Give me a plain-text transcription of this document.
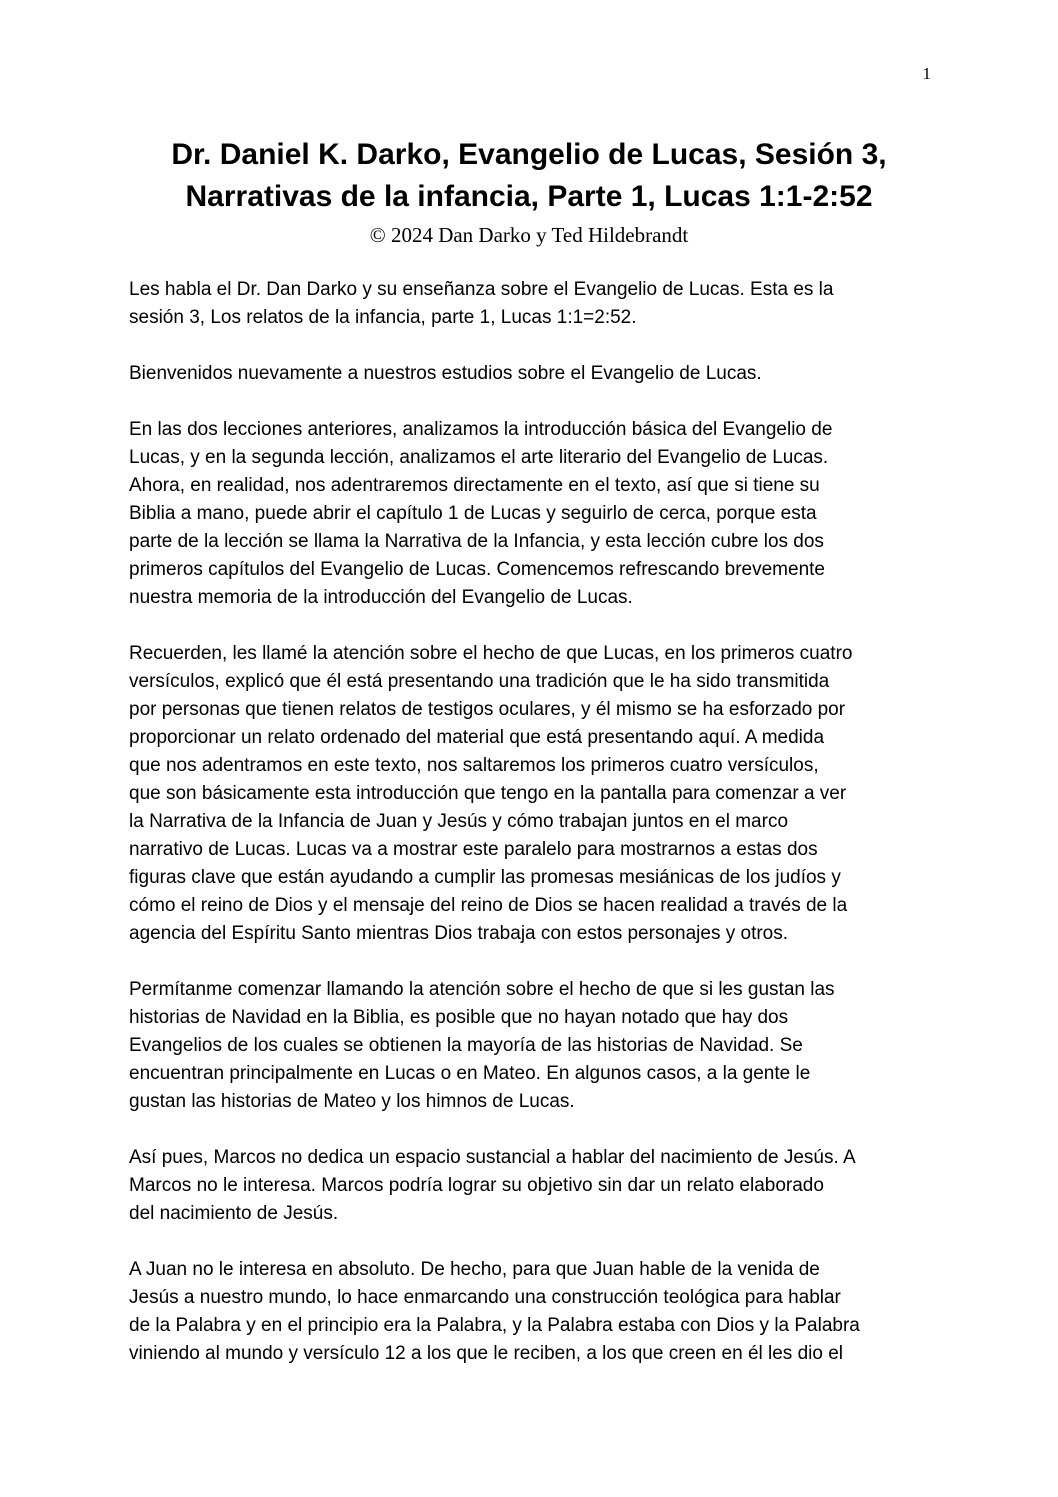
1
Dr. Daniel K. Darko, Evangelio de Lucas, Sesión 3,
Narrativas de la infancia, Parte 1, Lucas 1:1-2:52
© 2024 Dan Darko y Ted Hildebrandt

Les habla el Dr. Dan Darko y su enseñanza sobre el Evangelio de Lucas. Esta es la
sesión 3, Los relatos de la infancia, parte 1, Lucas 1:1=2:52.

Bienvenidos nuevamente a nuestros estudios sobre el Evangelio de Lucas.

En las dos lecciones anteriores, analizamos la introducción básica del Evangelio de
Lucas, y en la segunda lección, analizamos el arte literario del Evangelio de Lucas.
Ahora, en realidad, nos adentraremos directamente en el texto, así que si tiene su
Biblia a mano, puede abrir el capítulo 1 de Lucas y seguirlo de cerca, porque esta
parte de la lección se llama la Narrativa de la Infancia, y esta lección cubre los dos
primeros capítulos del Evangelio de Lucas. Comencemos refrescando brevemente
nuestra memoria de la introducción del Evangelio de Lucas.

Recuerden, les llamé la atención sobre el hecho de que Lucas, en los primeros cuatro
versículos, explicó que él está presentando una tradición que le ha sido transmitida
por personas que tienen relatos de testigos oculares, y él mismo se ha esforzado por
proporcionar un relato ordenado del material que está presentando aquí. A medida
que nos adentramos en este texto, nos saltaremos los primeros cuatro versículos,
que son básicamente esta introducción que tengo en la pantalla para comenzar a ver
la Narrativa de la Infancia de Juan y Jesús y cómo trabajan juntos en el marco
narrativo de Lucas. Lucas va a mostrar este paralelo para mostrarnos a estas dos
figuras clave que están ayudando a cumplir las promesas mesiánicas de los judíos y
cómo el reino de Dios y el mensaje del reino de Dios se hacen realidad a través de la
agencia del Espíritu Santo mientras Dios trabaja con estos personajes y otros.

Permítanme comenzar llamando la atención sobre el hecho de que si les gustan las
historias de Navidad en la Biblia, es posible que no hayan notado que hay dos
Evangelios de los cuales se obtienen la mayoría de las historias de Navidad. Se
encuentran principalmente en Lucas o en Mateo. En algunos casos, a la gente le
gustan las historias de Mateo y los himnos de Lucas.

Así pues, Marcos no dedica un espacio sustancial a hablar del nacimiento de Jesús. A
Marcos no le interesa. Marcos podría lograr su objetivo sin dar un relato elaborado
del nacimiento de Jesús.

A Juan no le interesa en absoluto. De hecho, para que Juan hable de la venida de
Jesús a nuestro mundo, lo hace enmarcando una construcción teológica para hablar
de la Palabra y en el principio era la Palabra, y la Palabra estaba con Dios y la Palabra
viniendo al mundo y versículo 12 a los que le reciben, a los que creen en él les dio el
